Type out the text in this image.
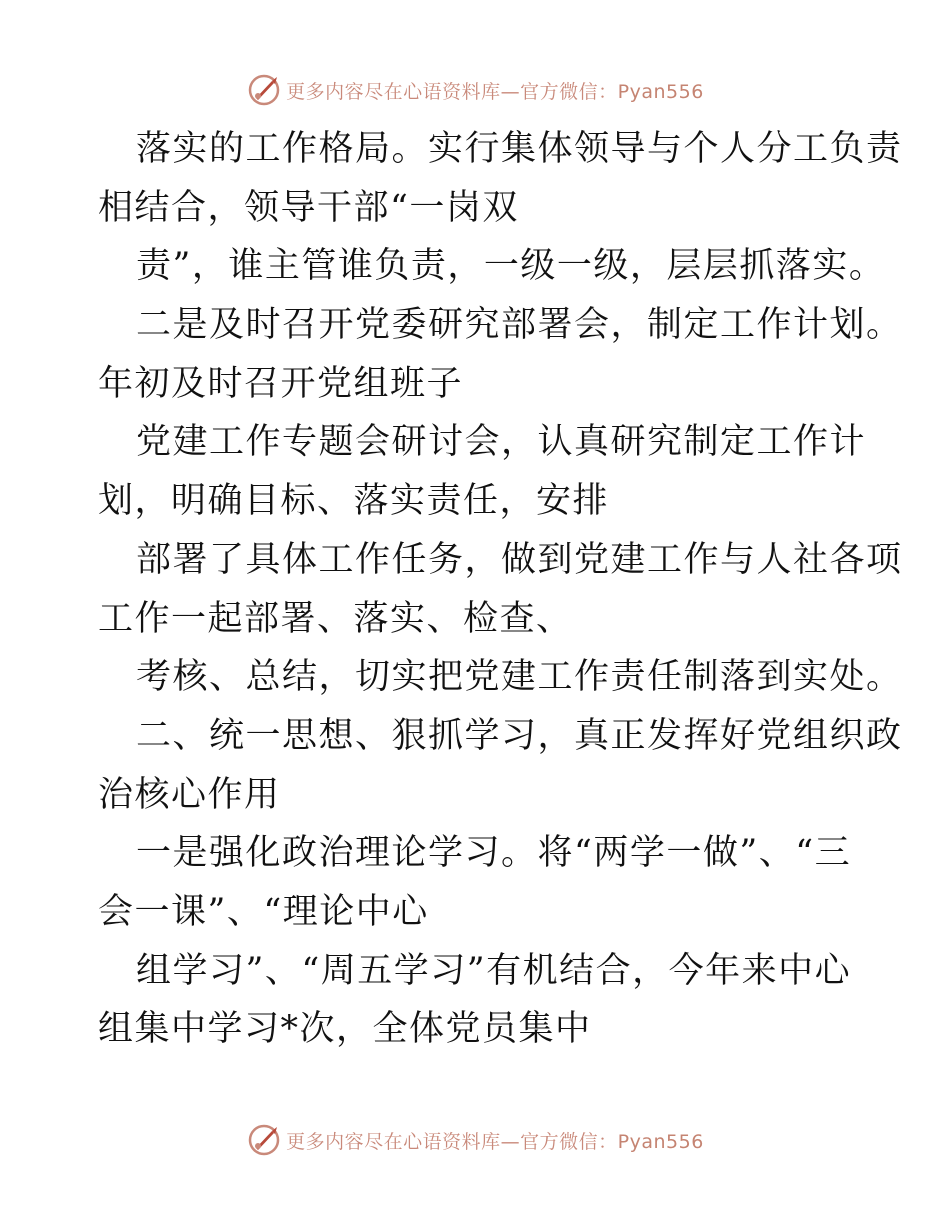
更多内容尽在心语资料库—官方微信：Pyan556
落实的工作格局。实行集体领导与个人分工负责
相结合，领导干部“一岗双
责”，谁主管谁负责，一级一级，层层抓落实。
二是及时召开党委研究部署会，制定工作计划。
年初及时召开党组班子
党建工作专题会研讨会，认真研究制定工作计
划，明确目标、落实责任，安排
部署了具体工作任务，做到党建工作与人社各项
工作一起部署、落实、检查、
考核、总结，切实把党建工作责任制落到实处。
二、统一思想、狠抓学习，真正发挥好党组织政
治核心作用
一是强化政治理论学习。将“两学一做”、“三
会一课”、“理论中心
组学习”、“周五学习”有机结合，今年来中心
组集中学习*次，全体党员集中
更多内容尽在心语资料库—官方微信：Pyan556
